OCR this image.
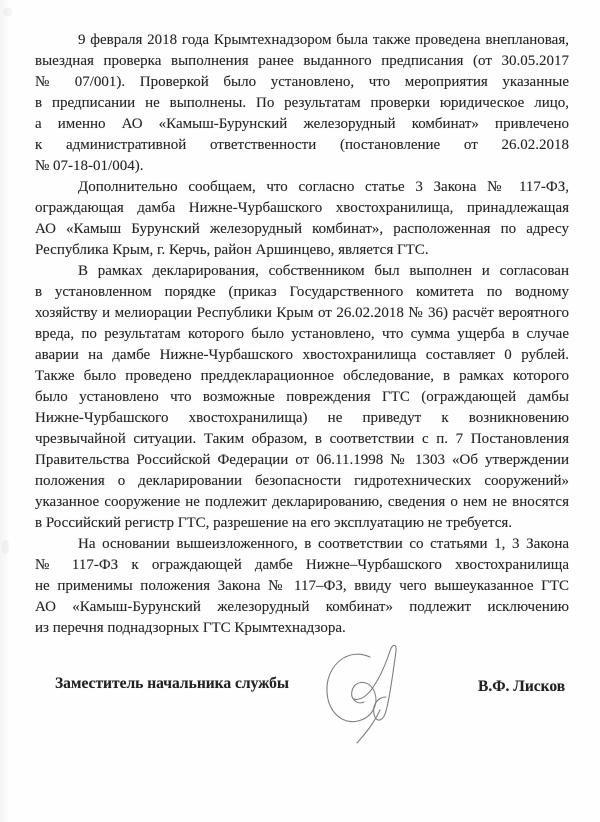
9 февраля 2018 года Крымтехнадзором была также проведена внеплановая,
выездная проверка выполнения ранее выданного предписания (от 30.05.2017
№ 07/001). Проверкой было установлено, что мероприятия указанные
в предписании не выполнены. По результатам проверки юридическое лицо,
а именно АО «Камыш-Бурунский железорудный комбинат» привлечено
к административной ответственности (постановление от 26.02.2018
№ 07-18-01/004).
Дополнительно сообщаем, что согласно статье 3 Закона № 117-ФЗ,
ограждающая дамба Нижне-Чурбашского хвостохранилища, принадлежащая
АО «Камыш Бурунский железорудный комбинат», расположенная по адресу
Республика Крым, г. Керчь, район Аршинцево, является ГТС.
В рамках декларирования, собственником был выполнен и согласован
в установленном порядке (приказ Государственного комитета по водному
хозяйству и мелиорации Республики Крым от 26.02.2018 № 36) расчёт вероятного
вреда, по результатам которого было установлено, что сумма ущерба в случае
аварии на дамбе Нижне-Чурбашского хвостохранилища составляет 0 рублей.
Также было проведено преддекларационное обследование, в рамках которого
было установлено что возможные повреждения ГТС (ограждающей дамбы
Нижне-Чурбашского хвостохранилища) не приведут к возникновению
чрезвычайной ситуации. Таким образом, в соответствии с п. 7 Постановления
Правительства Российской Федерации от 06.11.1998 № 1303 «Об утверждении
положения о декларировании безопасности гидротехнических сооружений»
указанное сооружение не подлежит декларированию, сведения о нем не вносятся
в Российский регистр ГТС, разрешение на его эксплуатацию не требуется.
На основании вышеизложенного, в соответствии со статьями 1, 3 Закона
№ 117-ФЗ к ограждающей дамбе Нижне–Чурбашского хвостохранилища
не применимы положения Закона № 117–ФЗ, ввиду чего вышеуказанное ГТС
АО «Камыш-Бурунский железорудный комбинат» подлежит исключению
из перечня поднадзорных ГТС Крымтехнадзора.
Заместитель начальника службы	В.Ф. Лисков
